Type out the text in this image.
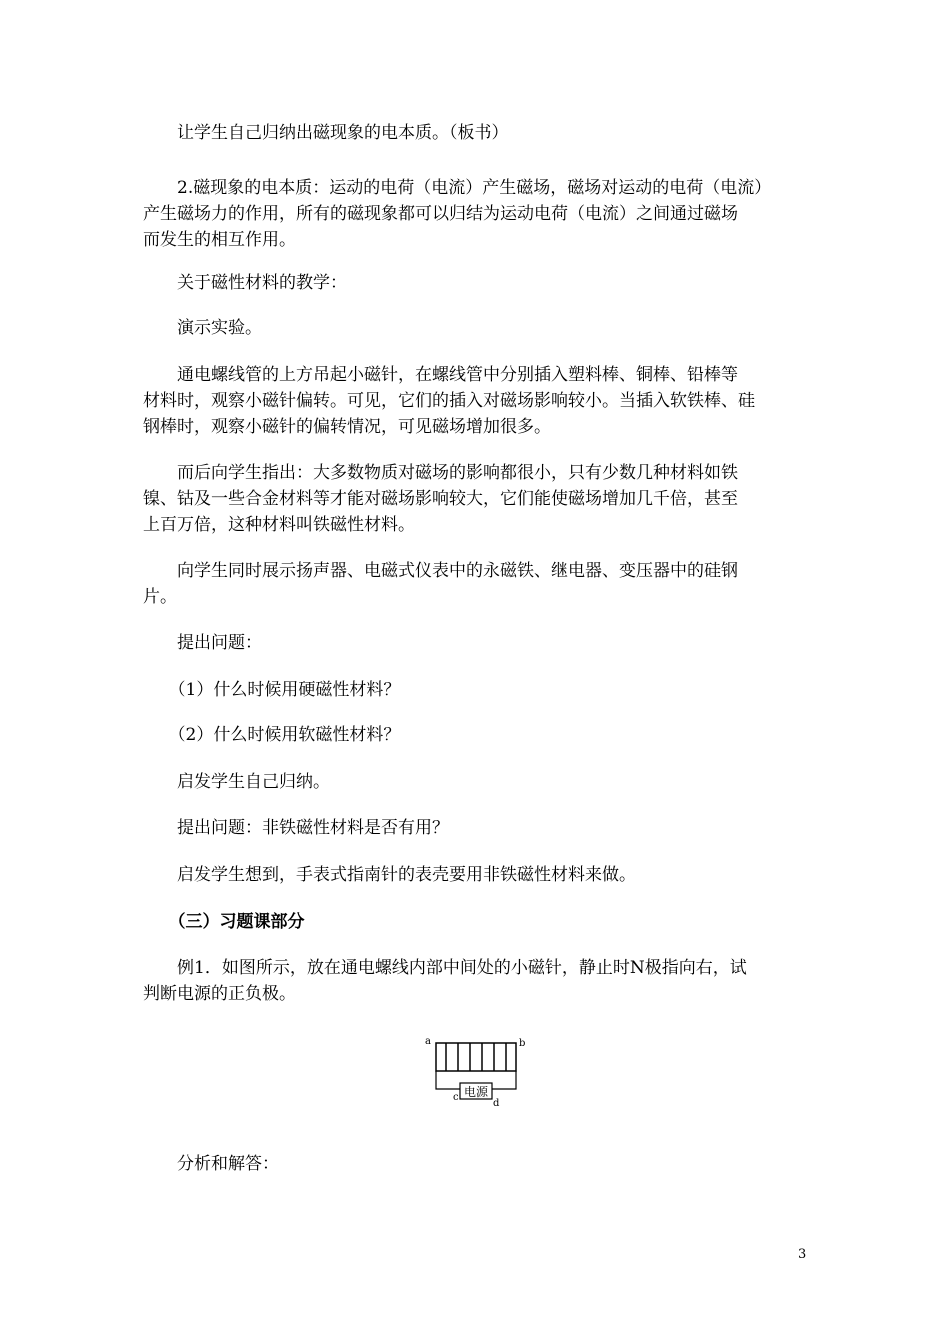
　　让学生自己归纳出磁现象的电本质。（板书）

　　2.磁现象的电本质：运动的电荷（电流）产生磁场，磁场对运动的电荷（电流）

产生磁场力的作用，所有的磁现象都可以归结为运动电荷（电流）之间通过磁场

而发生的相互作用。

　　关于磁性材料的教学：

　　演示实验。

　　通电螺线管的上方吊起小磁针，在螺线管中分别插入塑料棒、铜棒、铅棒等

材料时，观察小磁针偏转。可见，它们的插入对磁场影响较小。当插入软铁棒、硅

钢棒时，观察小磁针的偏转情况，可见磁场增加很多。

　　而后向学生指出：大多数物质对磁场的影响都很小，只有少数几种材料如铁

镍、钴及一些合金材料等才能对磁场影响较大，它们能使磁场增加几千倍，甚至

上百万倍，这种材料叫铁磁性材料。

　　向学生同时展示扬声器、电磁式仪表中的永磁铁、继电器、变压器中的硅钢

片。

　　提出问题：

　　（1）什么时候用硬磁性材料？

　　（2）什么时候用软磁性材料？

　　启发学生自己归纳。

　　提出问题：非铁磁性材料是否有用？

　　启发学生想到，手表式指南针的表壳要用非铁磁性材料来做。

　　（三）习题课部分

　　例1．如图所示，放在通电螺线内部中间处的小磁针，静止时N极指向右，试

判断电源的正负极。

电源
a	b
c
d

　　分析和解答：

3
